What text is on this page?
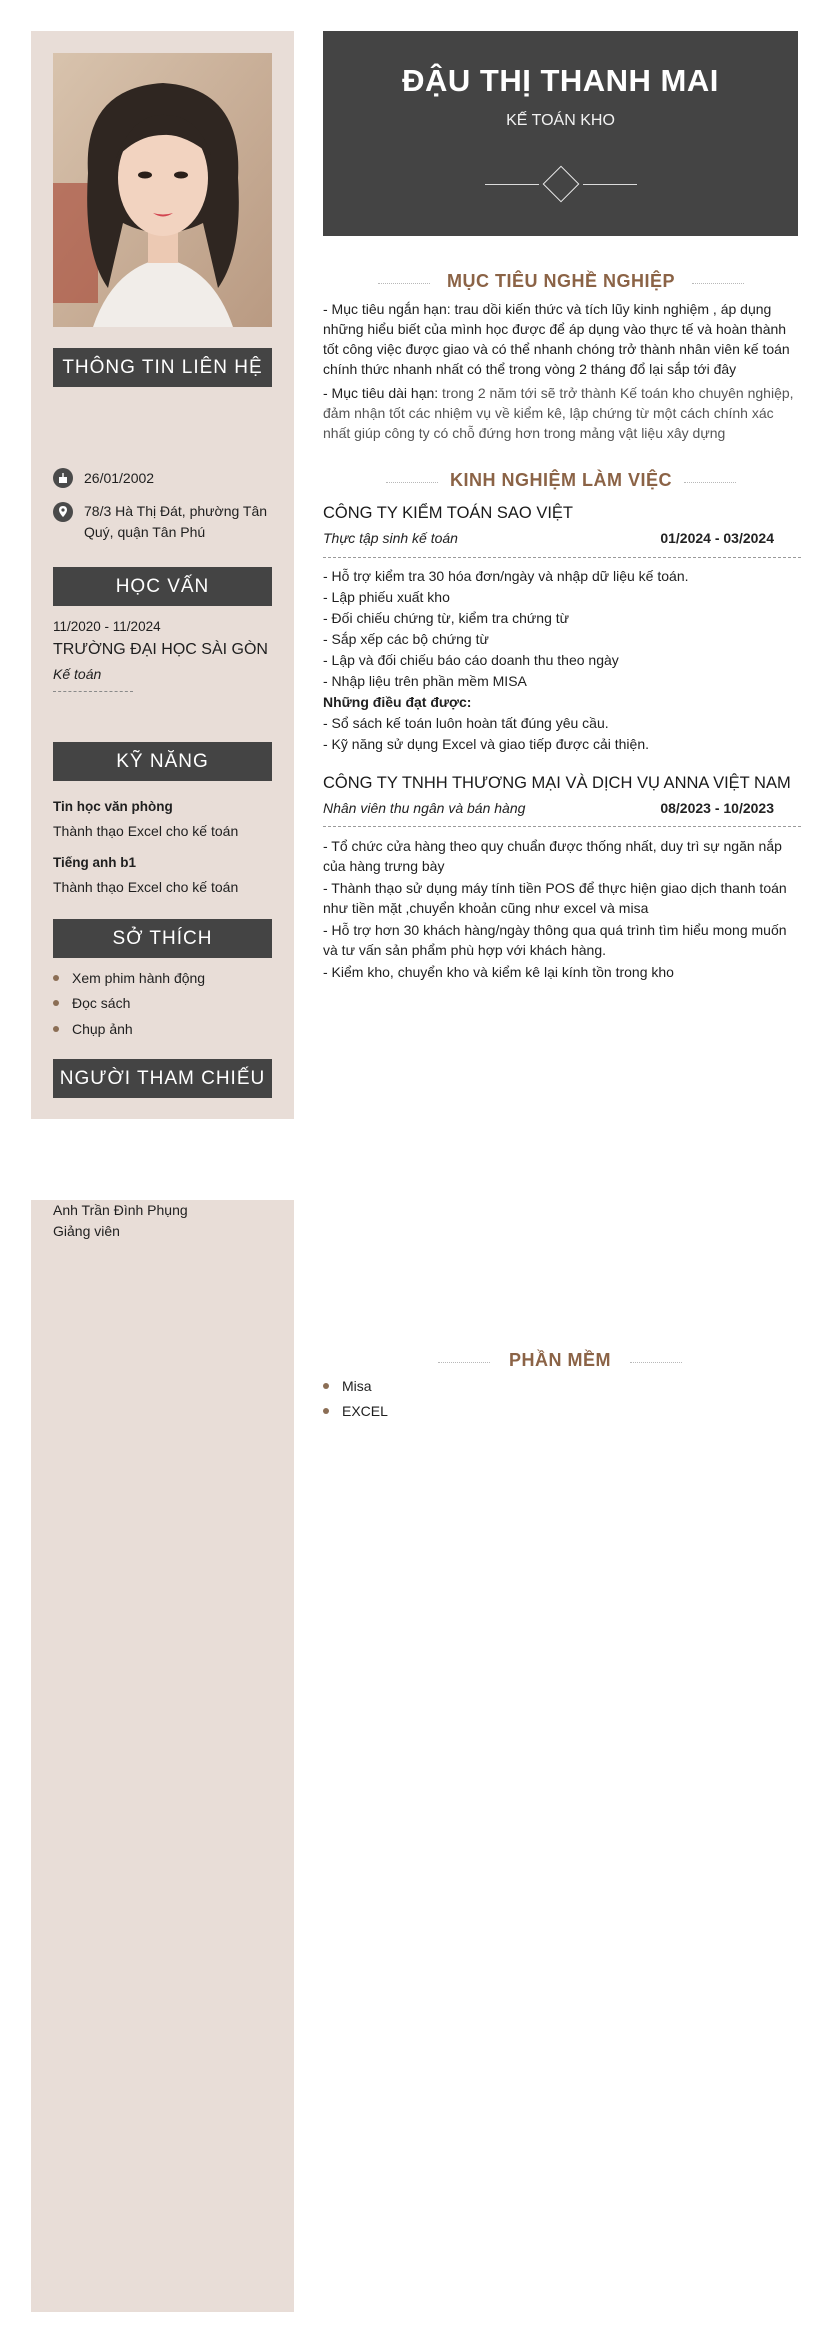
THÔNG TIN LIÊN HỆ
26/01/2002
78/3 Hà Thị Đát, phường Tân Quý, quận Tân Phú
HỌC VẤN
11/2020 - 11/2024
TRƯỜNG ĐẠI HỌC SÀI GÒN
Kế toán
KỸ NĂNG
Tin học văn phòng
Thành thạo Excel cho kế toán
Tiếng anh b1
Thành thạo Excel cho kế toán
SỞ THÍCH
Xem phim hành động
Đọc sách
Chụp ảnh
NGƯỜI THAM CHIẾU
Anh Trần Đình Phụng
Giảng viên
ĐẬU THỊ THANH MAI
KẾ TOÁN KHO
MỤC TIÊU NGHỀ NGHIỆP
- Mục tiêu ngắn hạn: trau dồi kiến thức và tích lũy kinh nghiệm , áp dụng những hiểu biết của mình học được để áp dụng vào thực tế và hoàn thành tốt công việc được giao và có thể nhanh chóng trở thành nhân viên kế toán chính thức nhanh nhất có thể trong vòng 2 tháng đổ lại sắp tới đây
- Mục tiêu dài hạn: trong 2 năm tới sẽ trở thành Kế toán kho chuyên nghiệp, đảm nhận tốt các nhiệm vụ về kiểm kê, lập chứng từ một cách chính xác nhất giúp công ty có chỗ đứng hơn trong mảng vật liệu xây dựng
KINH NGHIỆM LÀM VIỆC
CÔNG TY KIỂM TOÁN SAO VIỆT
Thực tập sinh kế toán	01/2024 - 03/2024
- Hỗ trợ kiểm tra 30 hóa đơn/ngày và nhập dữ liệu kế toán.
- Lập phiếu xuất kho
- Đối chiếu chứng từ, kiểm tra chứng từ
- Sắp xếp các bộ chứng từ
- Lập và đối chiếu báo cáo doanh thu theo ngày
- Nhập liệu trên phần mềm MISA
Những điều đạt được:
- Sổ sách kế toán luôn hoàn tất đúng yêu cầu.
- Kỹ năng sử dụng Excel và giao tiếp được cải thiện.
CÔNG TY TNHH THƯƠNG MẠI VÀ DỊCH VỤ ANNA VIỆT NAM
Nhân viên thu ngân và bán hàng	08/2023 - 10/2023
- Tổ chức cửa hàng theo quy chuẩn được thống nhất, duy trì sự ngăn nắp của hàng trưng bày
- Thành thạo sử dụng máy tính tiền POS để thực hiện giao dịch thanh toán như tiền mặt ,chuyển khoản cũng như excel và misa
- Hỗ trợ hơn 30 khách hàng/ngày thông qua quá trình tìm hiểu mong muốn và tư vấn sản phẩm phù hợp với khách hàng.
- Kiểm kho, chuyển kho và kiểm kê lại kính tồn trong kho
PHẦN MỀM
Misa
EXCEL
